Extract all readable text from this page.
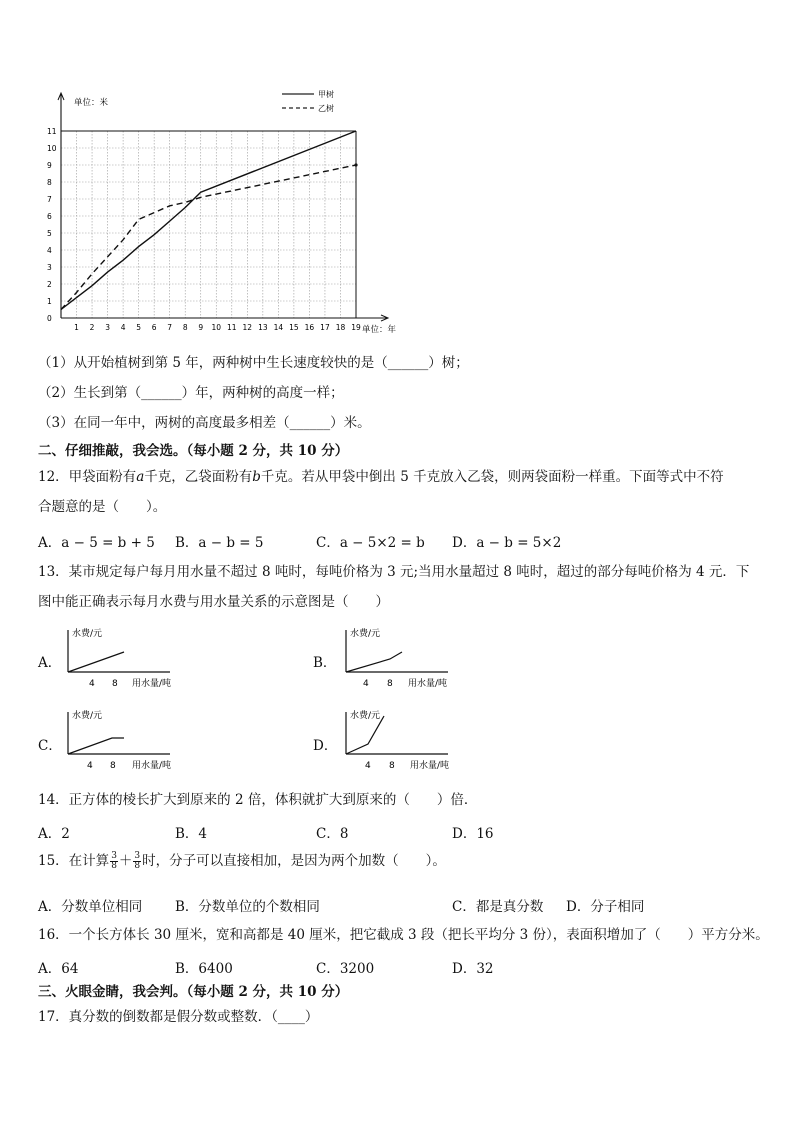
0
1
2
3
4
5
6
7
8
9
10
11
1 2 3 4 5 6 7 8 9 10 11 12 13 14 15 16 17 18 19
单位：米
单位：年
甲树
乙树
（1）从开始植树到第 5 年，两种树中生长速度较快的是（______）树；
（2）生长到第（______）年，两种树的高度一样；
（3）在同一年中，两树的高度最多相差（______）米。
二、仔细推敲，我会选。（每小题 2 分，共 10 分）
12．甲袋面粉有a千克，乙袋面粉有b千克。若从甲袋中倒出 5 千克放入乙袋，则两袋面粉一样重。下面等式中不符
合题意的是（　　）。
A．a − 5 = b + 5 B．a − b = 5	C．a − 5×2 = b D．a − b = 5×2
13．某市规定每户每月用水量不超过 8 吨时，每吨价格为 3 元;当用水量超过 8 吨时，超过的部分每吨价格为 4 元．下
图中能正确表示每月水费与用水量关系的示意图是（　　）
A．
水费/元
4 8 用水量/吨
B．
水费/元
4 8 用水量/吨
C．
水费/元
4 8 用水量/吨
D．
水费/元
4 8 用水量/吨
14．正方体的棱长扩大到原来的 2 倍，体积就扩大到原来的（　　）倍．
A．2	B．4	C．8	D．16
15．在计算 $\frac{3}{8} + \frac{3}{8}$ 时，分子可以直接相加，是因为两个加数（　　）。
A．分数单位相同 B．分数单位的个数相同	C．都是真分数 D．分子相同
16．一个长方体长 30 厘米，宽和高都是 40 厘米，把它截成 3 段（把长平均分 3 份），表面积增加了（　　）平方分米。
A．64	B．6400	C．3200	D．32
三、火眼金睛，我会判。（每小题 2 分，共 10 分）
17．真分数的倒数都是假分数或整数．（____）
